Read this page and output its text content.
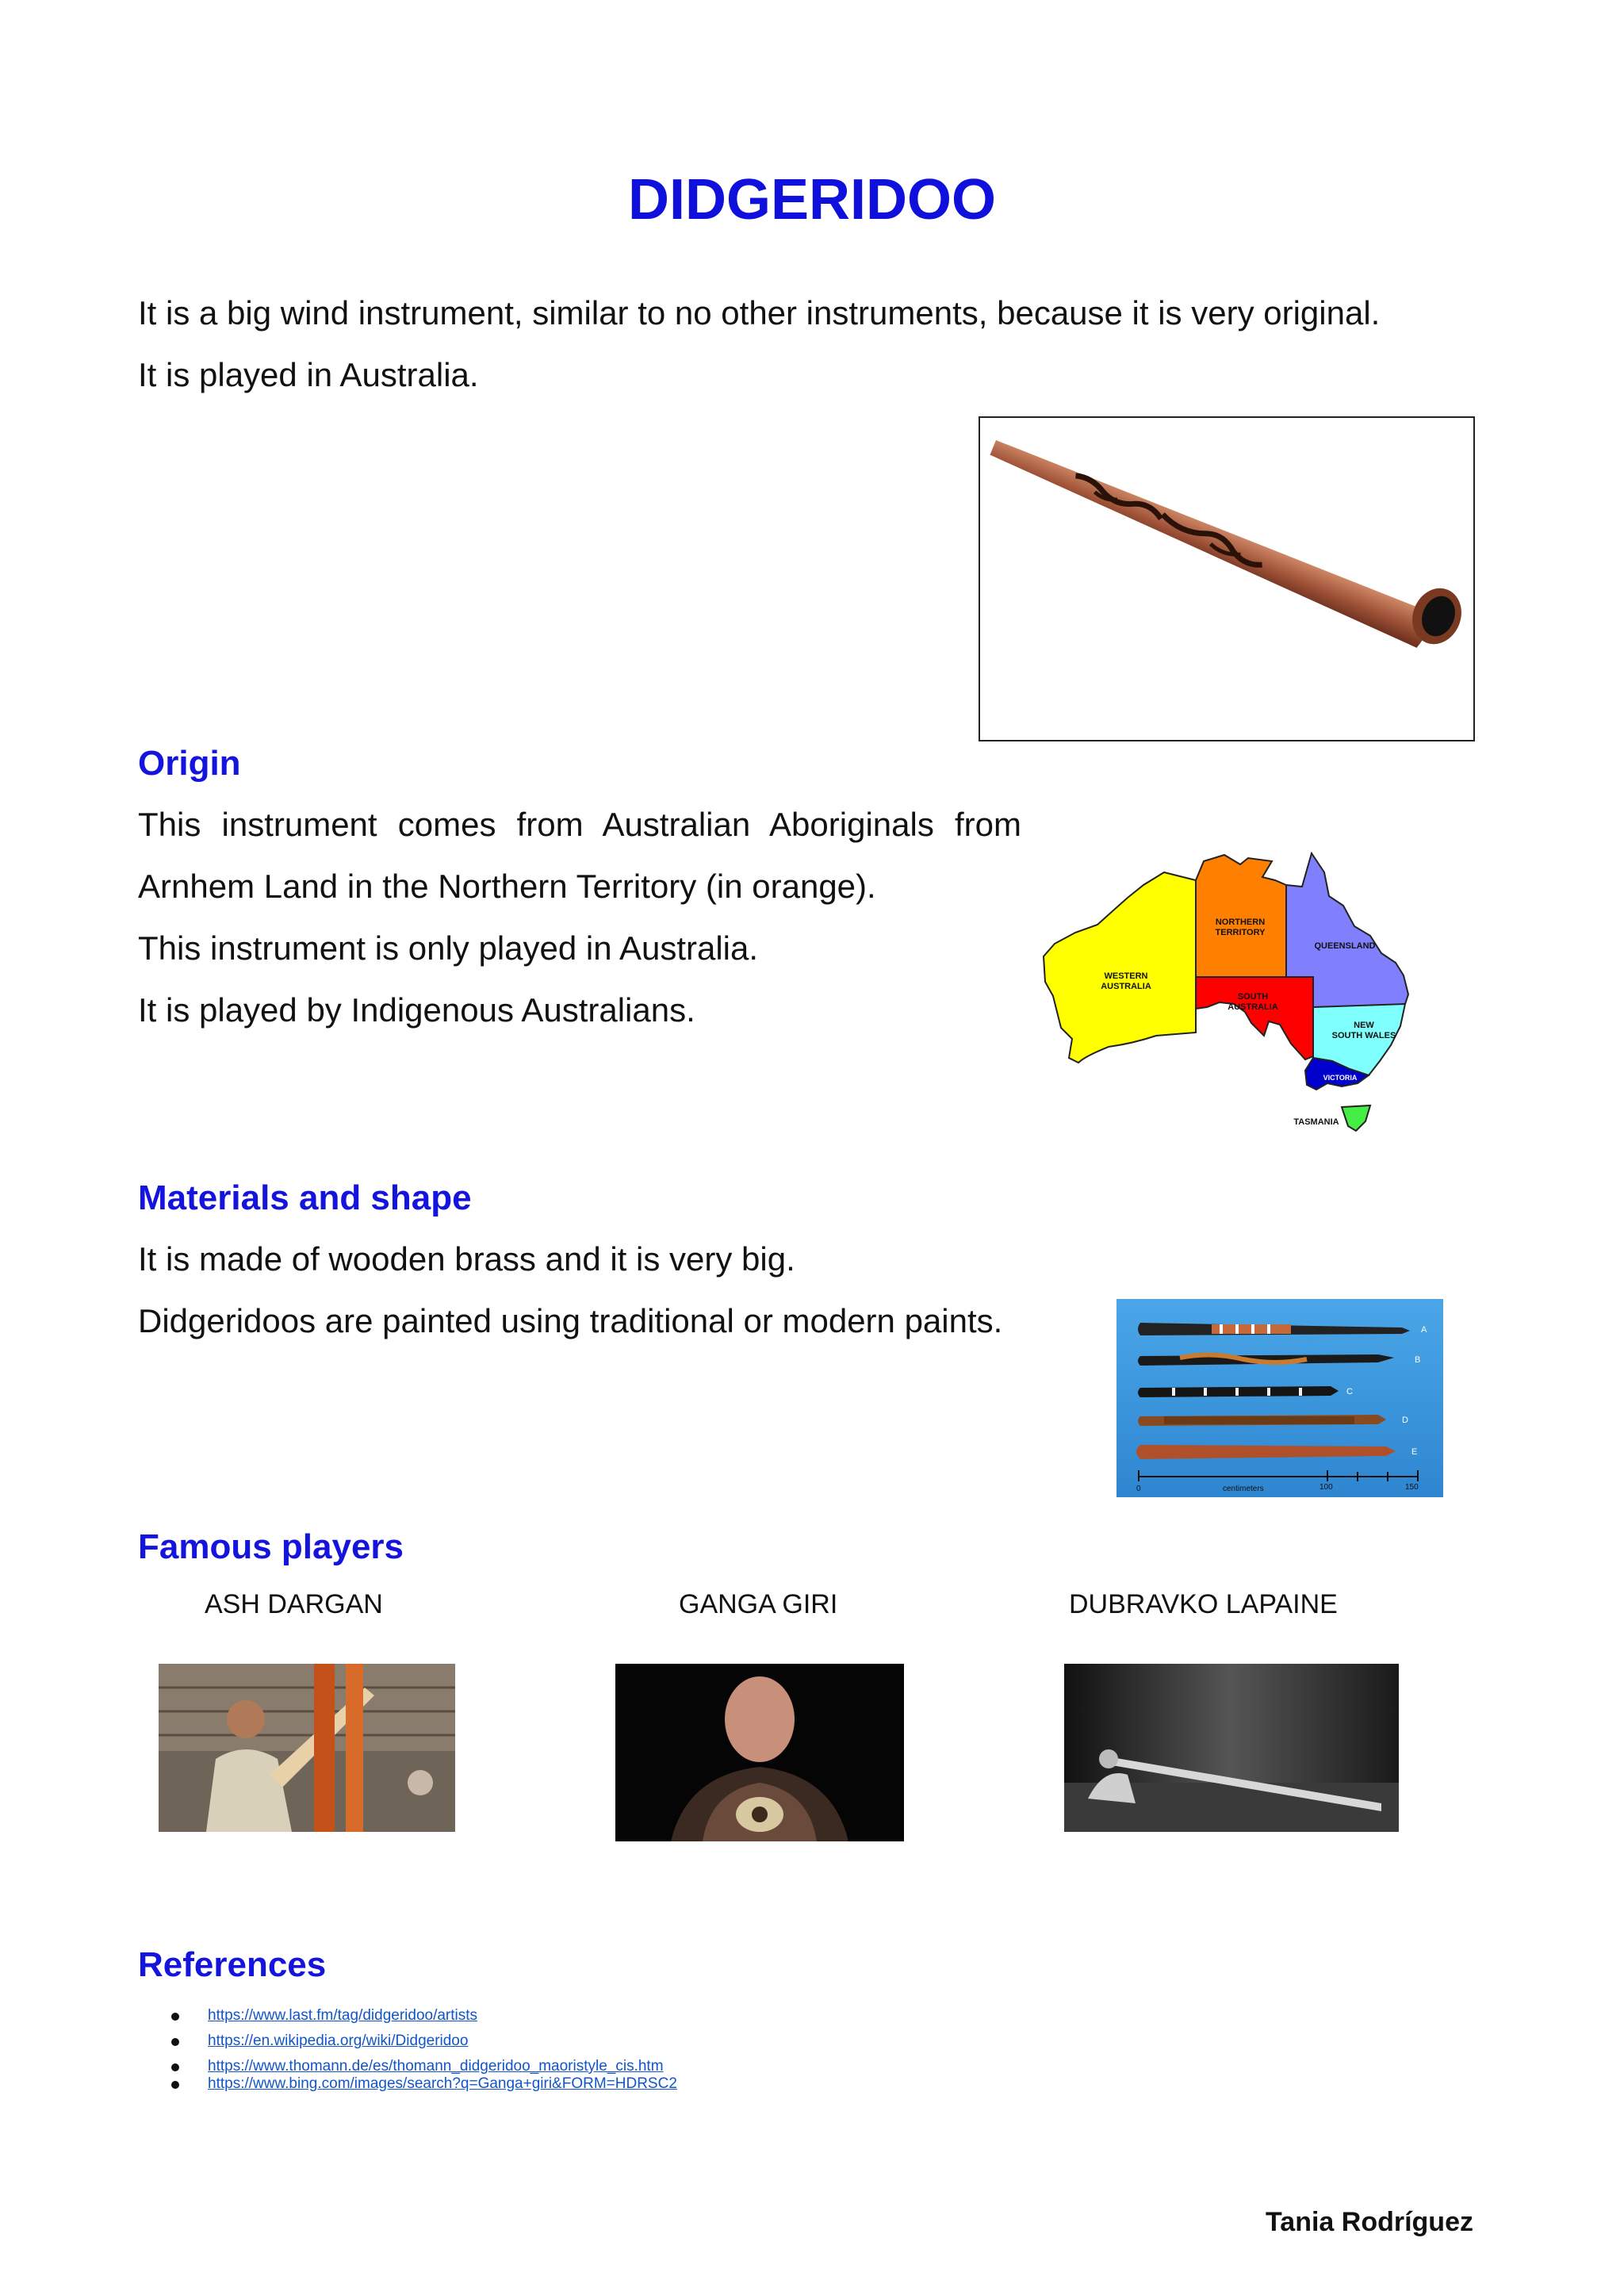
DIDGERIDOO
It is a big wind instrument, similar to no other instruments, because it is very original.
It is played in Australia.
Origin
This instrument comes from Australian Aboriginals from
Arnhem Land in the Northern Territory (in orange).
This instrument is only played in Australia.
It is played by Indigenous Australians.
WESTERN
AUSTRALIA
NORTHERN
TERRITORY
QUEENSLAND
SOUTH
AUSTRALIA
NEW
SOUTH WALES
VICTORIA
TASMANIA
Materials and shape
It is made of wooden brass and it is very big.
Didgeridoos are painted using traditional or modern paints.	A
B
C
D
E
0	centimeters	100	150
Famous players
ASH DARGAN	GANGA GIRI	DUBRAVKO LAPAINE
References
https://www.last.fm/tag/didgeridoo/artists
https://en.wikipedia.org/wiki/Didgeridoo
https://www.thomann.de/es/thomann_didgeridoo_maoristyle_cis.htm
https://www.bing.com/images/search?q=Ganga+giri&FORM=HDRSC2
Tania Rodríguez
